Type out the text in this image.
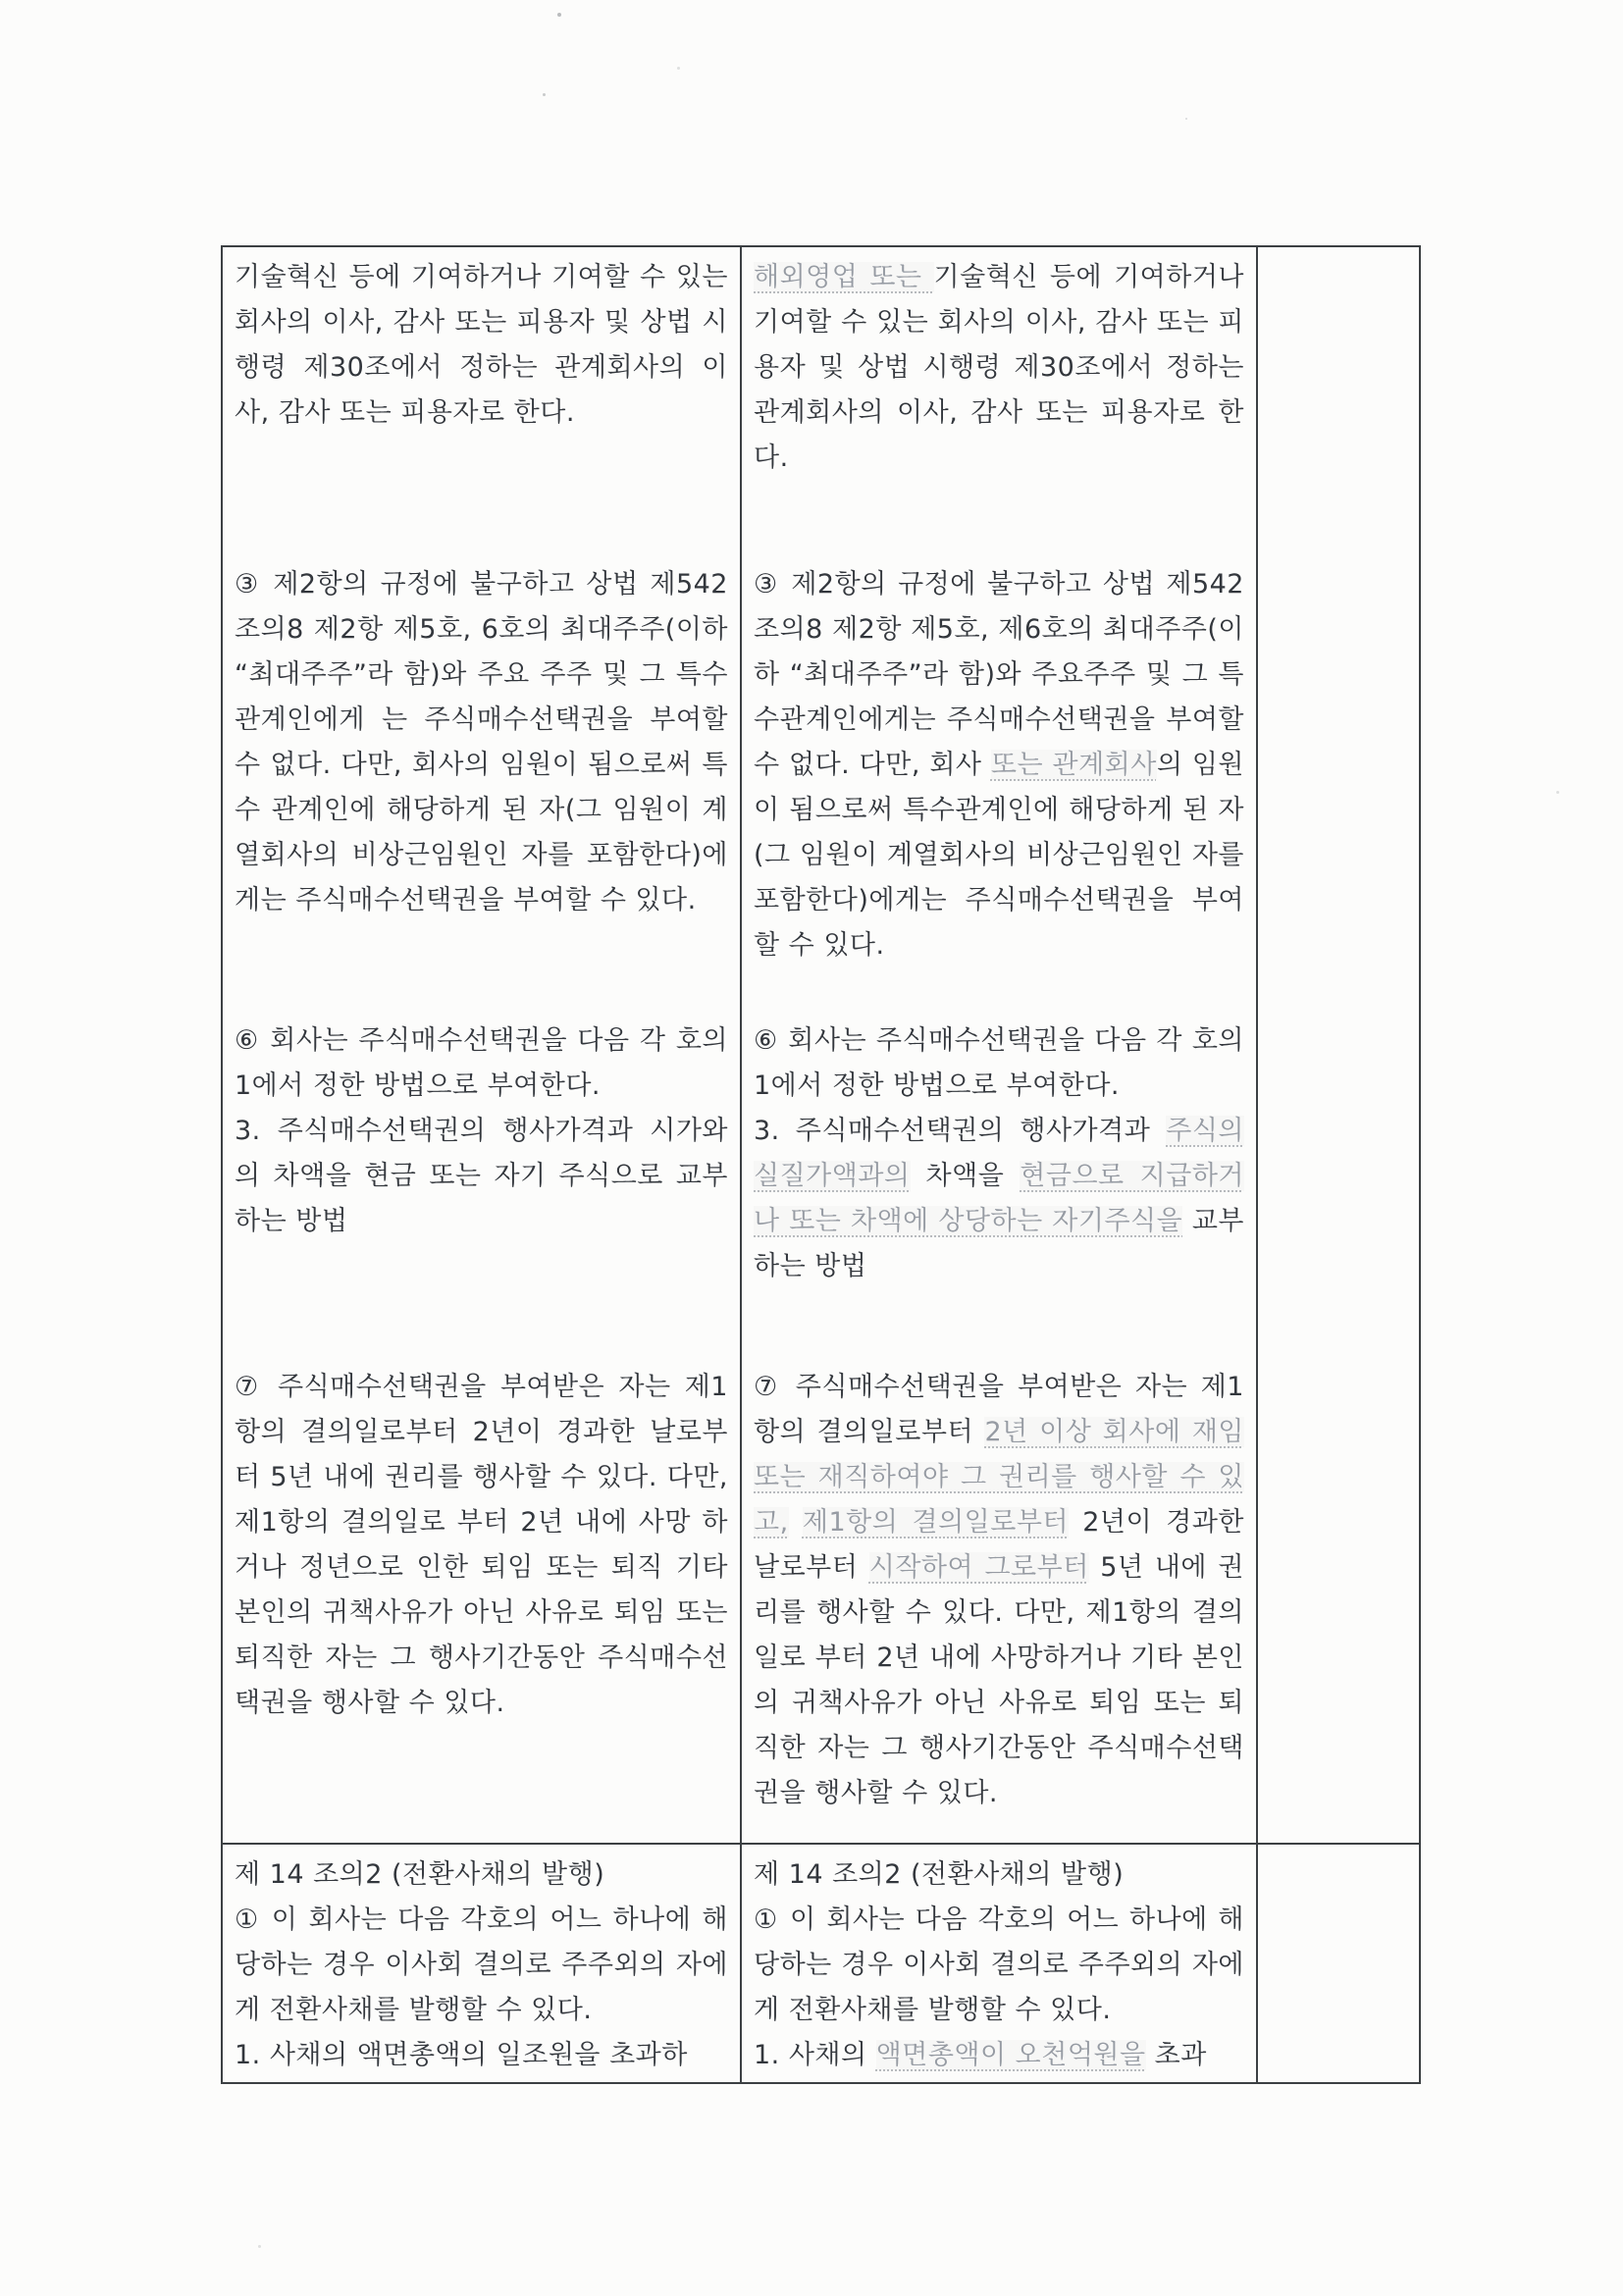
기술혁신 등에 기여하거나 기여할 수 있는 회사의 이사, 감사 또는 피용자 및 상법 시행령 제30조에서 정하는 관계회사의 이사, 감사 또는 피용자로 한다.

해외영업 또는 기술혁신 등에 기여하거나 기여할 수 있는 회사의 이사, 감사 또는 피용자 및 상법 시행령 제30조에서 정하는 관계회사의 이사, 감사 또는 피용자로 한다.

③ 제2항의 규정에 불구하고 상법 제542조의8 제2항 제5호, 6호의 최대주주(이하 “최대주주”라 함)와 주요 주주 및 그 특수 관계인에게 는 주식매수선택권을 부여할 수 없다. 다만, 회사의 임원이 됨으로써 특수 관계인에 해당하게 된 자(그 임원이 계열회사의 비상근임원인 자를 포함한다)에게는 주식매수선택권을 부여할 수 있다.

③ 제2항의 규정에 불구하고 상법 제542조의8 제2항 제5호, 제6호의 최대주주(이하 “최대주주”라 함)와 주요주주 및 그 특수관계인에게는 주식매수선택권을 부여할 수 없다. 다만, 회사 또는 관계회사의 임원이 됨으로써 특수관계인에 해당하게 된 자(그 임원이 계열회사의 비상근임원인 자를 포함한다)에게는 주식매수선택권을 부여할 수 있다.

⑥ 회사는 주식매수선택권을 다음 각 호의 1에서 정한 방법으로 부여한다.

3. 주식매수선택권의 행사가격과 시가와의 차액을 현금 또는 자기 주식으로 교부하는 방법

⑥ 회사는 주식매수선택권을 다음 각 호의 1에서 정한 방법으로 부여한다.

3. 주식매수선택권의 행사가격과 주식의 실질가액과의 차액을 현금으로 지급하거나 또는 차액에 상당하는 자기주식을 교부하는 방법

⑦ 주식매수선택권을 부여받은 자는 제1항의 결의일로부터 2년이 경과한 날로부터 5년 내에 권리를 행사할 수 있다. 다만, 제1항의 결의일로 부터 2년 내에 사망 하거나 정년으로 인한 퇴임 또는 퇴직 기타 본인의 귀책사유가 아닌 사유로 퇴임 또는 퇴직한 자는 그 행사기간동안 주식매수선택권을 행사할 수 있다.

⑦ 주식매수선택권을 부여받은 자는 제1항의 결의일로부터 2년 이상 회사에 재임 또는 재직하여야 그 권리를 행사할 수 있고, 제1항의 결의일로부터 2년이 경과한 날로부터 시작하여 그로부터 5년 내에 권리를 행사할 수 있다. 다만, 제1항의 결의일로 부터 2년 내에 사망하거나 기타 본인의 귀책사유가 아닌 사유로 퇴임 또는 퇴직한 자는 그 행사기간동안 주식매수선택권을 행사할 수 있다.

제 14 조의2 (전환사채의 발행)

① 이 회사는 다음 각호의 어느 하나에 해당하는 경우 이사회 결의로 주주외의 자에게 전환사채를 발행할 수 있다.

1. 사채의 액면총액의 일조원을 초과하

제 14 조의2 (전환사채의 발행)

① 이 회사는 다음 각호의 어느 하나에 해당하는 경우 이사회 결의로 주주외의 자에게 전환사채를 발행할 수 있다.

1. 사채의 액면총액이 오천억원을 초과
